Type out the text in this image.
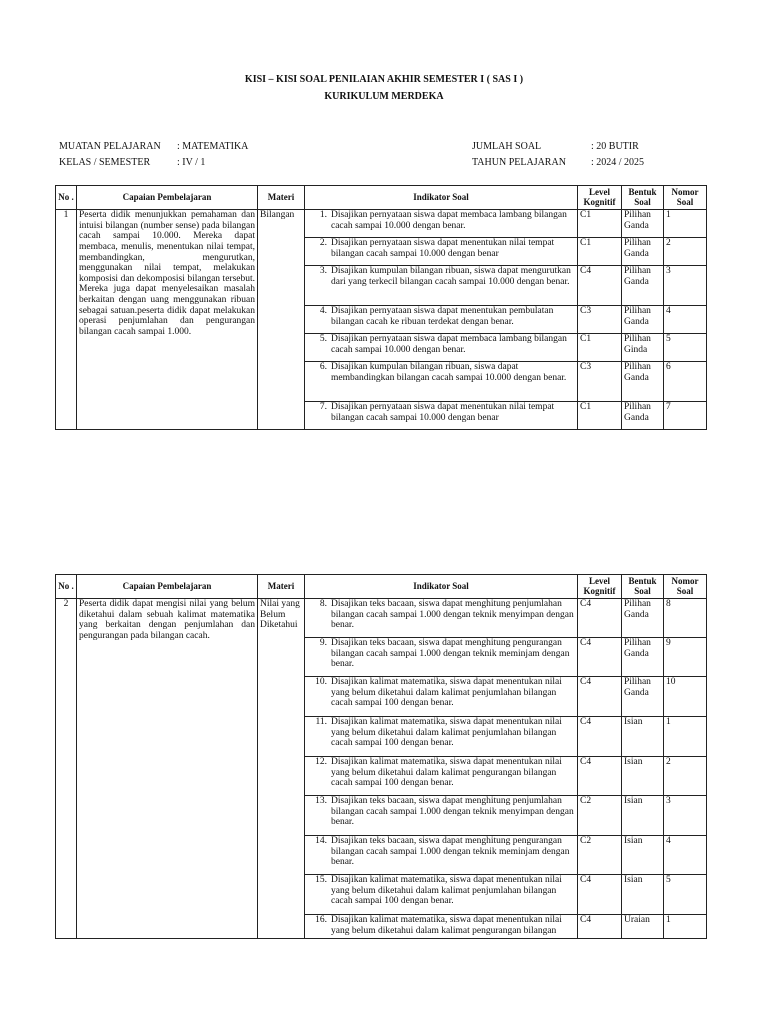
KISI – KISI SOAL PENILAIAN AKHIR SEMESTER I ( SAS I )
KURIKULUM MERDEKA
MUATAN PELAJARAN : MATEMATIKA
KELAS / SEMESTER	: IV / 1
JUMLAH SOAL	: 20 BUTIR
TAHUN PELAJARAN	: 2024 / 2025
No .	Capaian Pembelajaran	Materi	Indikator Soal	Level Kognitif	Bentuk Soal	Nomor Soal
1	Peserta didik menunjukkan pemahaman dan intuisi bilangan (number sense) pada bilangan cacah sampai 10.000. Mereka dapat membaca, menulis, menentukan nilai tempat, membandingkan, mengurutkan, menggunakan nilai tempat, melakukan komposisi dan dekomposisi bilangan tersebut. Mereka juga dapat menyelesaikan masalah berkaitan dengan uang menggunakan ribuan sebagai satuan.peserta didik dapat melakukan operasi penjumlahan dan pengurangan bilangan cacah sampai 1.000.	Bilangan	1. Disajikan pernyataan siswa dapat membaca lambang bilangan cacah sampai 10.000 dengan benar.	C1	Pilihan Ganda	1

			2. Disajikan pernyataan siswa dapat menentukan nilai tempat bilangan cacah sampai 10.000 dengan benar	C1	Pilihan Ganda	2

			3. Disajikan kumpulan bilangan ribuan, siswa dapat mengurutkan dari yang terkecil bilangan cacah sampai 10.000 dengan benar.	C4	Pilihan Ganda	3

			4. Disajikan pernyataan siswa dapat menentukan pembulatan bilangan cacah ke ribuan terdekat dengan benar.	C3	Pilihan Ganda	4

			5. Disajikan pernyataan siswa dapat membaca lambang bilangan cacah sampai 10.000 dengan benar.	C1	Pilihan Ginda	5

			6. Disajikan kumpulan bilangan ribuan, siswa dapat membandingkan bilangan cacah sampai 10.000 dengan benar.	C3	Pilihan Ganda	6

			7. Disajikan pernyataan siswa dapat menentukan nilai tempat bilangan cacah sampai 10.000 dengan benar	C1	Pilihan Ganda	7
No .	Capaian Pembelajaran	Materi	Indikator Soal	Level Kognitif	Bentuk Soal	Nomor Soal
2	Peserta didik dapat mengisi nilai yang belum diketahui dalam sebuah kalimat matematika yang berkaitan dengan penjumlahan dan pengurangan pada bilangan cacah.	Nilai yang Belum Diketahui	8. Disajikan teks bacaan, siswa dapat menghitung penjumlahan bilangan cacah sampai 1.000 dengan teknik menyimpan dengan benar.	C4	Pilihan Ganda	8

			9. Disajikan teks bacaan, siswa dapat menghitung pengurangan bilangan cacah sampai 1.000 dengan teknik meminjam dengan benar.	C4	Pilihan Ganda	9

			10. Disajikan kalimat matematika, siswa dapat menentukan nilai yang belum diketahui dalam kalimat penjumlahan bilangan cacah sampai 100 dengan benar.	C4	Pilihan Ganda	10

			11. Disajikan kalimat matematika, siswa dapat menentukan nilai yang belum diketahui dalam kalimat penjumlahan bilangan cacah sampai 100 dengan benar.	C4	Isian	1

			12. Disajikan kalimat matematika, siswa dapat menentukan nilai yang belum diketahui dalam kalimat pengurangan bilangan cacah sampai 100 dengan benar.	C4	Isian	2

			13. Disajikan teks bacaan, siswa dapat menghitung penjumlahan bilangan cacah sampai 1.000 dengan teknik menyimpan dengan benar.	C2	Isian	3

			14. Disajikan teks bacaan, siswa dapat menghitung pengurangan bilangan cacah sampai 1.000 dengan teknik meminjam dengan benar.	C2	Isian	4

			15. Disajikan kalimat matematika, siswa dapat menentukan nilai yang belum diketahui dalam kalimat penjumlahan bilangan cacah sampai 100 dengan benar.	C4	Isian	5

			16. Disajikan kalimat matematika, siswa dapat menentukan nilai yang belum diketahui dalam kalimat pengurangan bilangan	C4	Uraian	1
